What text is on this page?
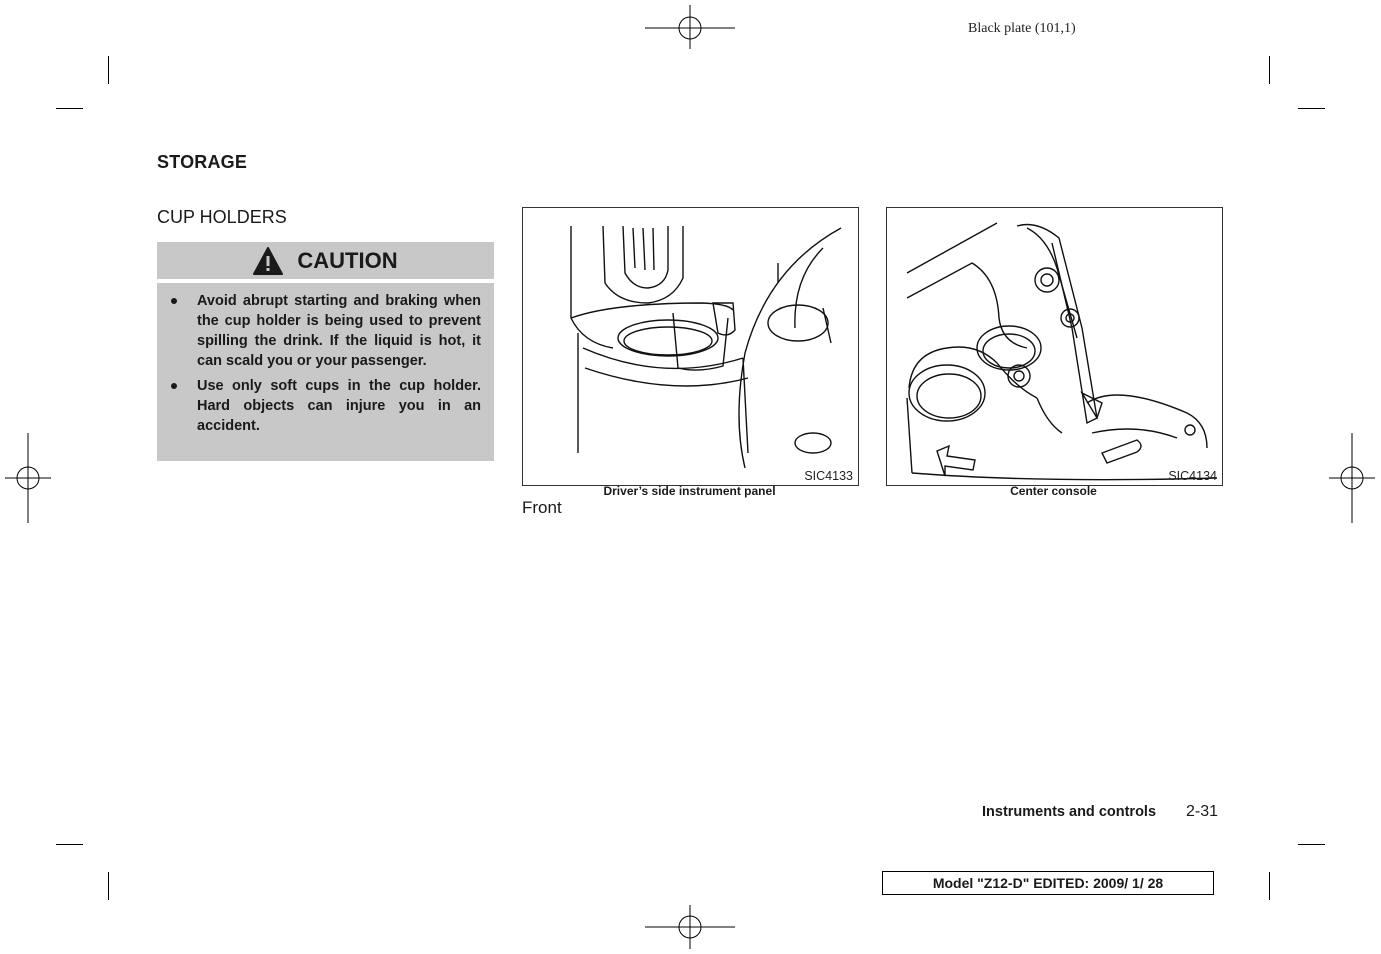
Black plate (101,1)
STORAGE
CUP HOLDERS
CAUTION
Avoid abrupt starting and braking when the cup holder is being used to prevent spilling the drink. If the liquid is hot, it can scald you or your passenger.
Use only soft cups in the cup holder. Hard objects can injure you in an accident.
SIC4133
Driver’s side instrument panel
SIC4134
Center console
Front
Instruments and controls 2-31
Model "Z12-D" EDITED: 2009/ 1/ 28
